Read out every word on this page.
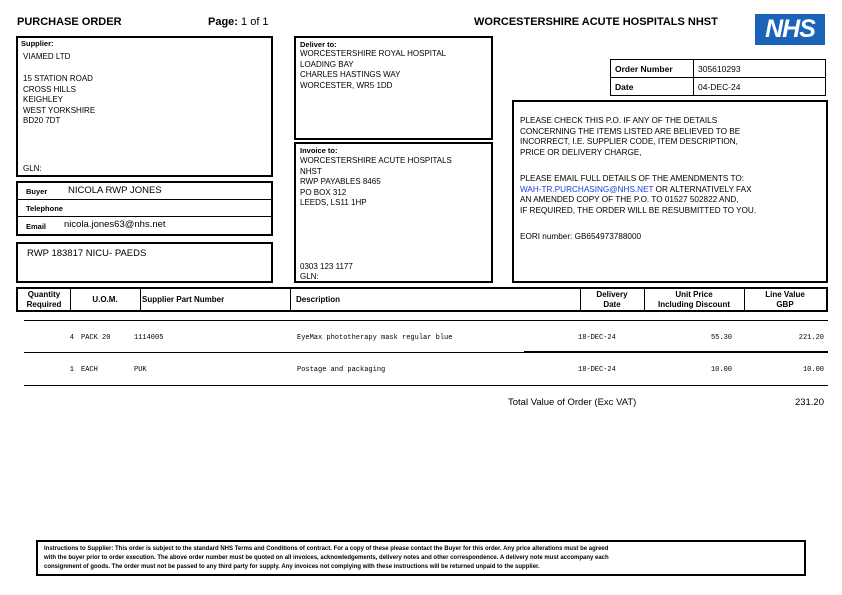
PURCHASE ORDER	Page: 1 of 1	WORCESTERSHIRE ACUTE HOSPITALS NHST	NHS
Supplier:
VIAMED LTD
15 STATION ROAD
CROSS HILLS
KEIGHLEY
WEST YORKSHIRE
BD20 7DT
GLN:
Deliver to:
WORCESTERSHIRE ROYAL HOSPITAL
LOADING BAY
CHARLES HASTINGS WAY
WORCESTER, WR5 1DD
Invoice to:
WORCESTERSHIRE ACUTE HOSPITALS
NHST
RWP PAYABLES 8465
PO BOX 312
LEEDS, LS11 1HP
0303 123 1177
GLN:
Order Number	305610293
Date	04-DEC-24
PLEASE CHECK THIS P.O. IF ANY OF THE DETAILS
CONCERNING THE ITEMS LISTED ARE BELIEVED TO BE
INCORRECT, I.E. SUPPLIER CODE, ITEM DESCRIPTION,
PRICE OR DELIVERY CHARGE,
PLEASE EMAIL FULL DETAILS OF THE AMENDMENTS TO:
WAH-TR.PURCHASING@NHS.NET OR ALTERNATIVELY FAX
AN AMENDED COPY OF THE P.O. TO 01527 502822 AND,
IF REQUIRED, THE ORDER WILL BE RESUBMITTED TO YOU.
EORI number: GB654973788000
Buyer NICOLA RWP JONES
Telephone
Email nicola.jones63@nhs.net
RWP 183817 NICU- PAEDS
Quantity
Required
U.O.M.	Supplier Part Number	Description
Delivery
Date
Unit Price
Including Discount
Line Value
GBP
4 PACK 20	1114005	EyeMax phototherapy mask regular blue	18-DEC-24	55.30	221.20
1 EACH	PUK	Postage and packaging	18-DEC-24	10.00	10.00
Total Value of Order (Exc VAT)	231.20
Instructions to Supplier: This order is subject to the standard NHS Terms and Conditions of contract. For a copy of these please contact the Buyer for this order. Any price alterations must be agreed
with the buyer prior to order execution. The above order number must be quoted on all invoices, acknowledgements, delivery notes and other correspondence. A delivery note must accompany each
consignment of goods. The order must not be passed to any third party for supply. Any invoices not complying with these instructions will be returned unpaid to the supplier.
